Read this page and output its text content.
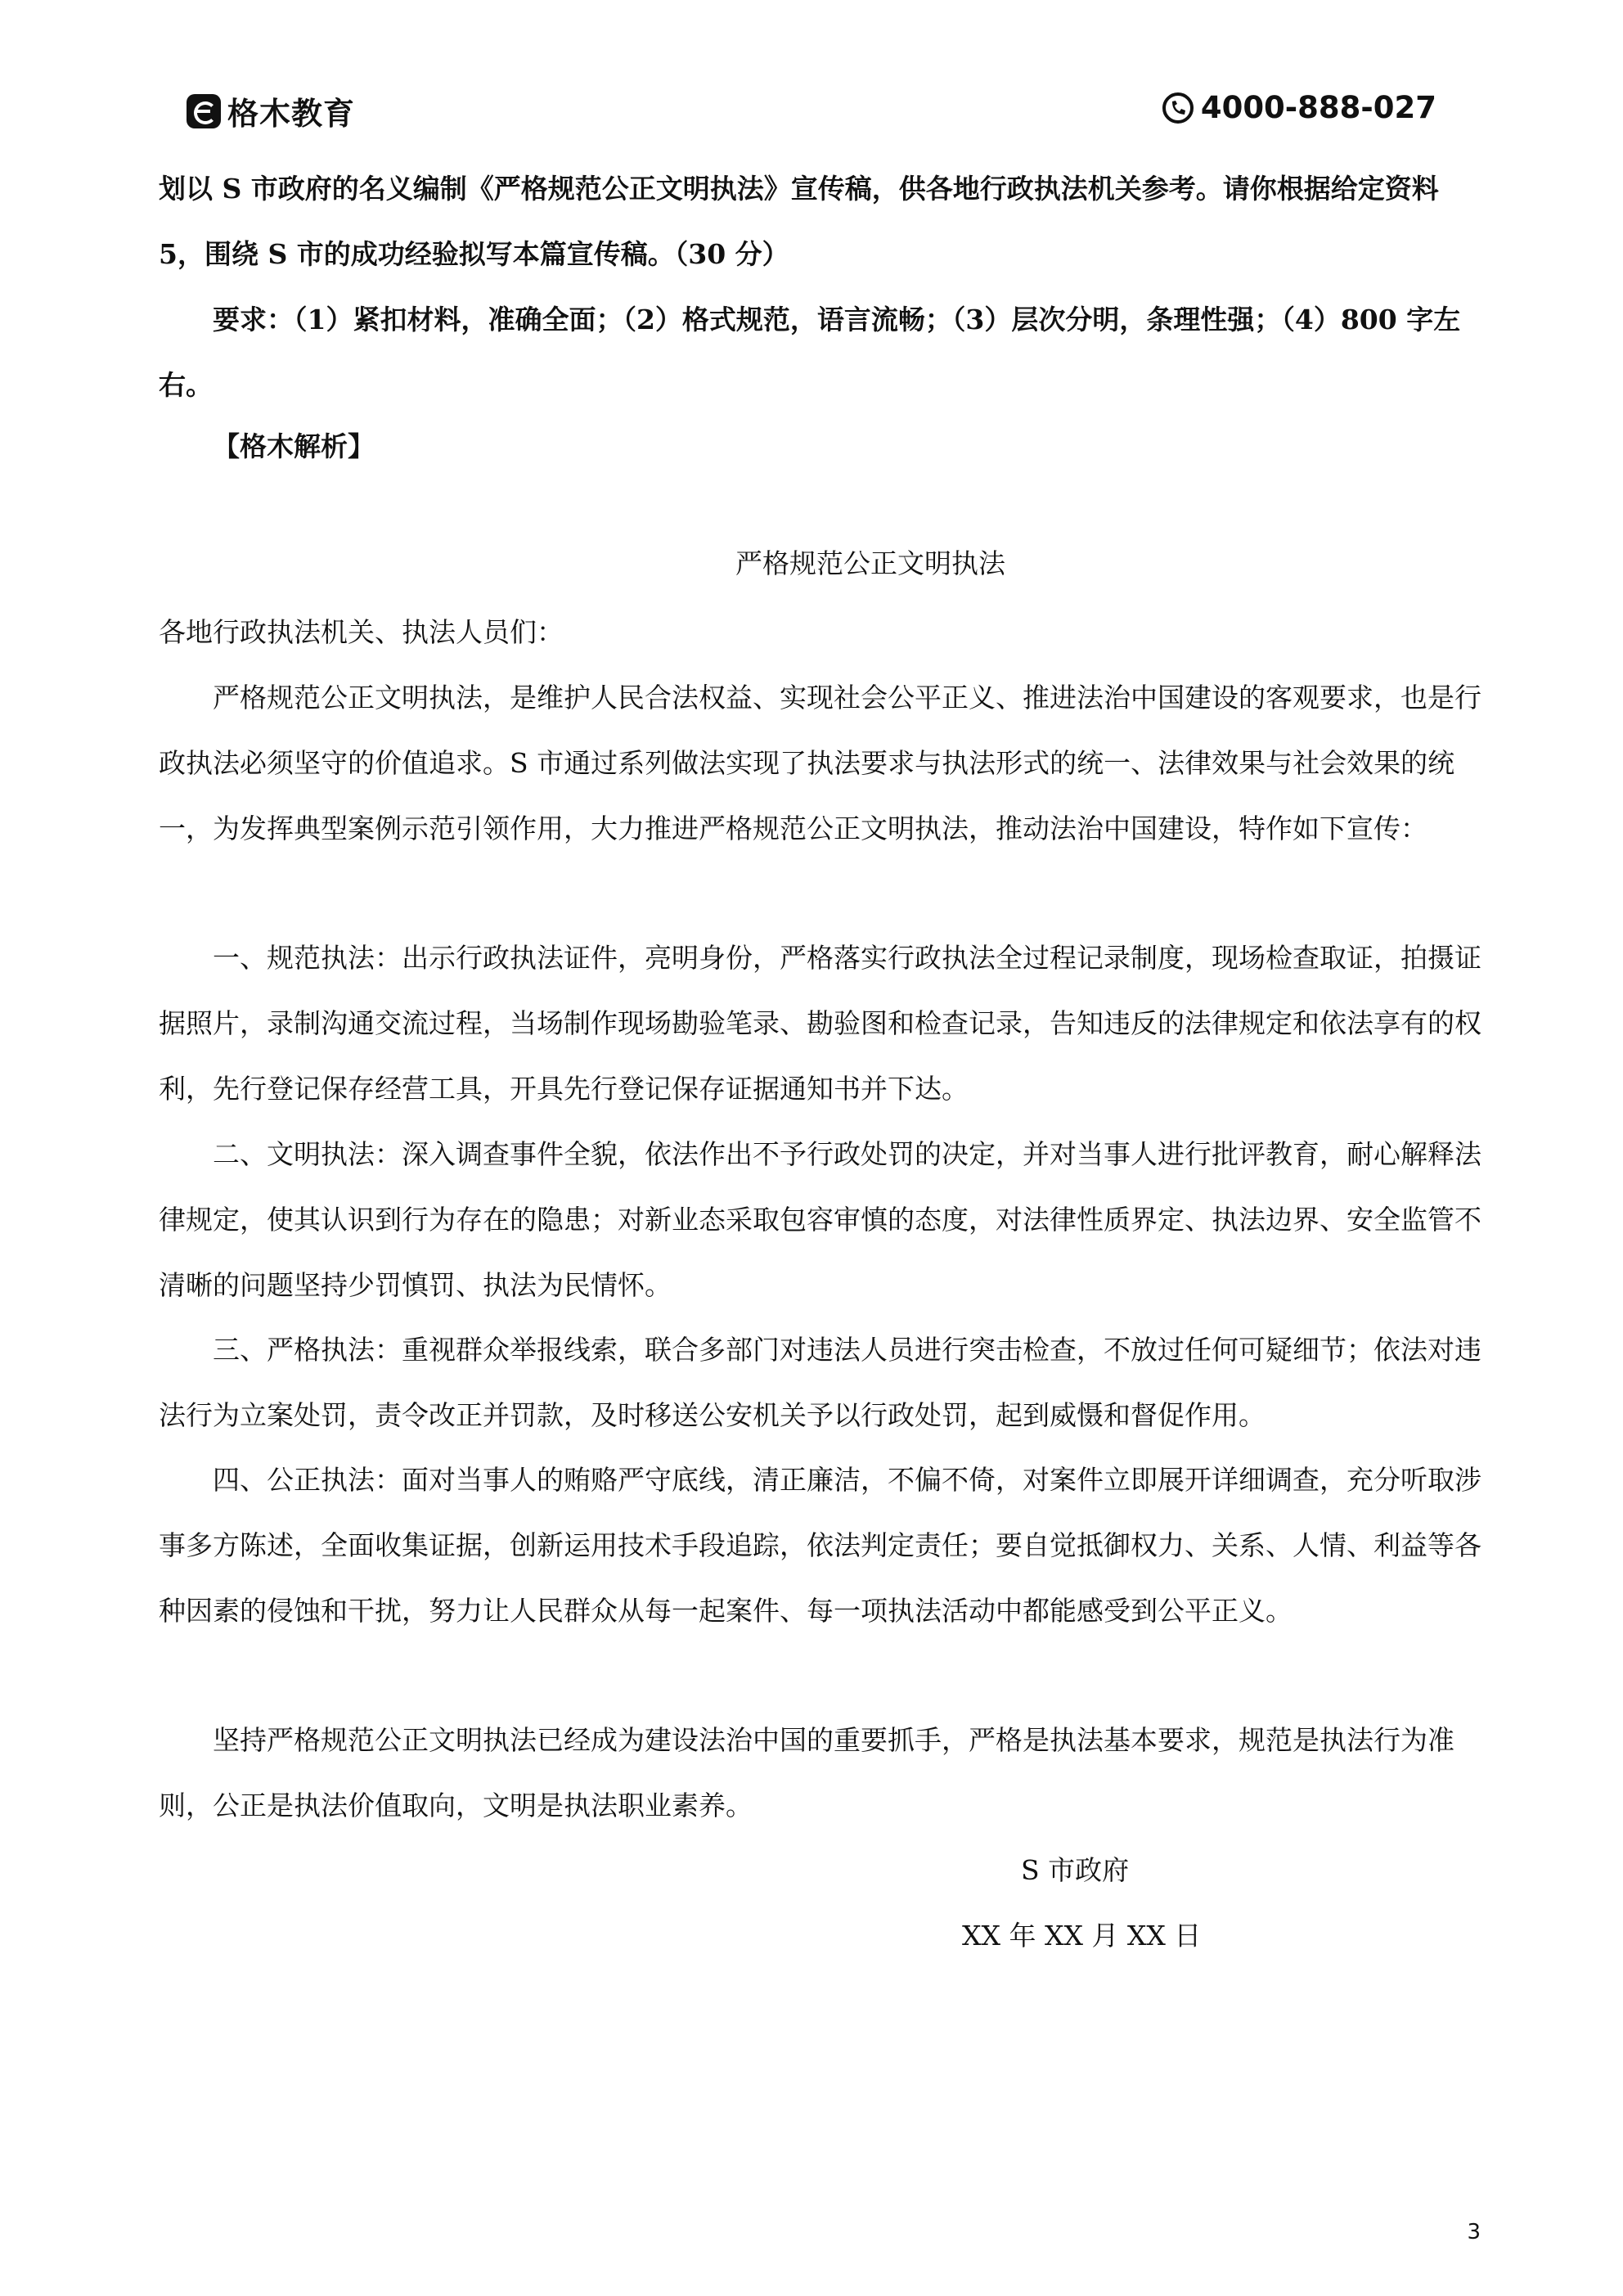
格木教育	4000-888-027

划以 S 市政府的名义编制《严格规范公正文明执法》宣传稿，供各地行政执法机关参考。请你根据给定资料 5，围绕 S 市的成功经验拟写本篇宣传稿。（30 分）

要求：（1）紧扣材料，准确全面；（2）格式规范，语言流畅；（3）层次分明，条理性强；（4）800 字左右。

【格木解析】

严格规范公正文明执法

各地行政执法机关、执法人员们：

严格规范公正文明执法，是维护人民合法权益、实现社会公平正义、推进法治中国建设的客观要求，也是行政执法必须坚守的价值追求。S 市通过系列做法实现了执法要求与执法形式的统一、法律效果与社会效果的统一，为发挥典型案例示范引领作用，大力推进严格规范公正文明执法，推动法治中国建设，特作如下宣传：

一、规范执法：出示行政执法证件，亮明身份，严格落实行政执法全过程记录制度，现场检查取证，拍摄证据照片，录制沟通交流过程，当场制作现场勘验笔录、勘验图和检查记录，告知违反的法律规定和依法享有的权利，先行登记保存经营工具，开具先行登记保存证据通知书并下达。

二、文明执法：深入调查事件全貌，依法作出不予行政处罚的决定，并对当事人进行批评教育，耐心解释法律规定，使其认识到行为存在的隐患；对新业态采取包容审慎的态度，对法律性质界定、执法边界、安全监管不清晰的问题坚持少罚慎罚、执法为民情怀。

三、严格执法：重视群众举报线索，联合多部门对违法人员进行突击检查，不放过任何可疑细节；依法对违法行为立案处罚，责令改正并罚款，及时移送公安机关予以行政处罚，起到威慑和督促作用。

四、公正执法：面对当事人的贿赂严守底线，清正廉洁，不偏不倚，对案件立即展开详细调查，充分听取涉事多方陈述，全面收集证据，创新运用技术手段追踪，依法判定责任；要自觉抵御权力、关系、人情、利益等各种因素的侵蚀和干扰，努力让人民群众从每一起案件、每一项执法活动中都能感受到公平正义。

坚持严格规范公正文明执法已经成为建设法治中国的重要抓手，严格是执法基本要求，规范是执法行为准则，公正是执法价值取向，文明是执法职业素养。

S 市政府
XX 年 XX 月 XX 日
3
